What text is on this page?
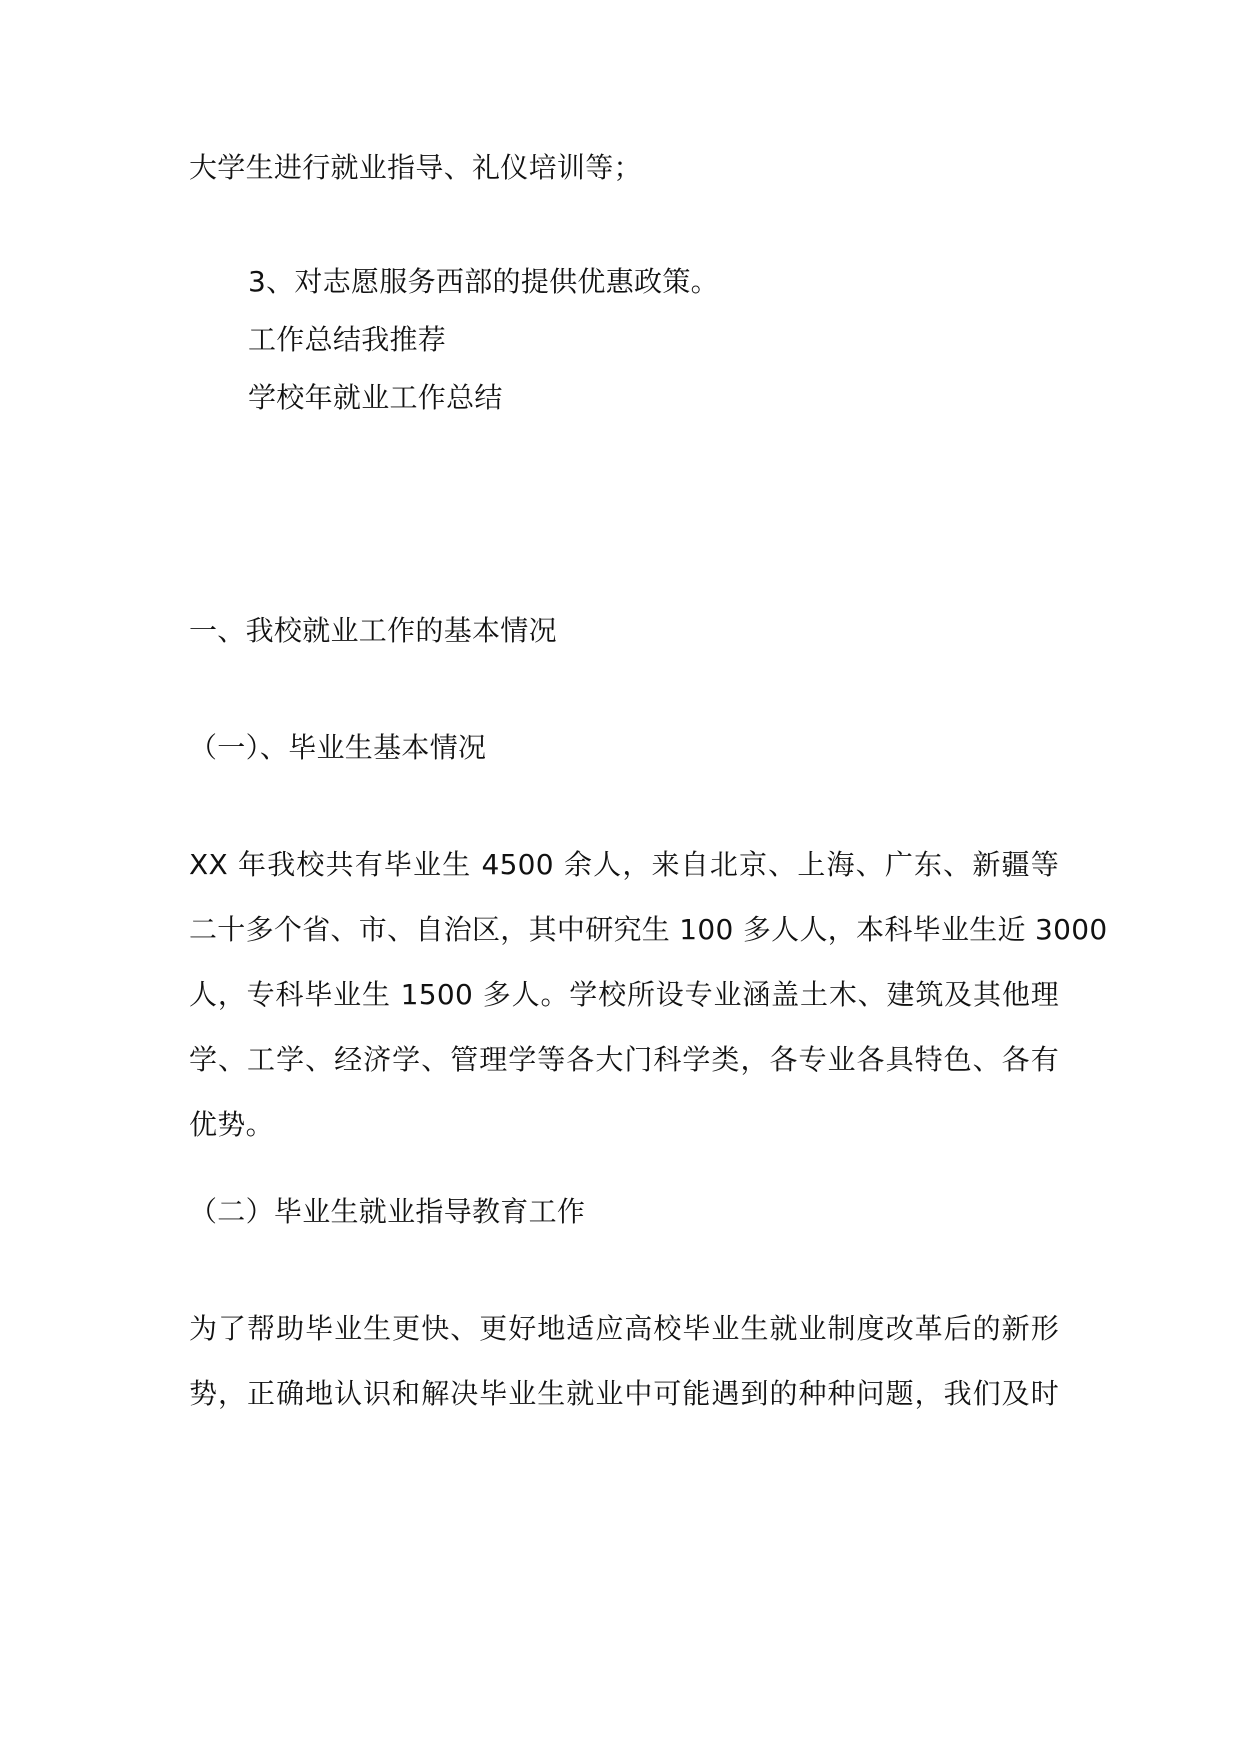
大学生进行就业指导、礼仪培训等；
3、对志愿服务西部的提供优惠政策。
工作总结我推荐
学校年就业工作总结
一、我校就业工作的基本情况
（一）、毕业生基本情况
XX 年我校共有毕业生 4500 余人，来自北京、上海、广东、新疆等
二十多个省、市、自治区，其中研究生 100 多人人，本科毕业生近 3000
人，专科毕业生 1500 多人。学校所设专业涵盖土木、建筑及其他理
学、工学、经济学、管理学等各大门科学类，各专业各具特色、各有
优势。
（二）毕业生就业指导教育工作
为了帮助毕业生更快、更好地适应高校毕业生就业制度改革后的新形
势，正确地认识和解决毕业生就业中可能遇到的种种问题，我们及时
